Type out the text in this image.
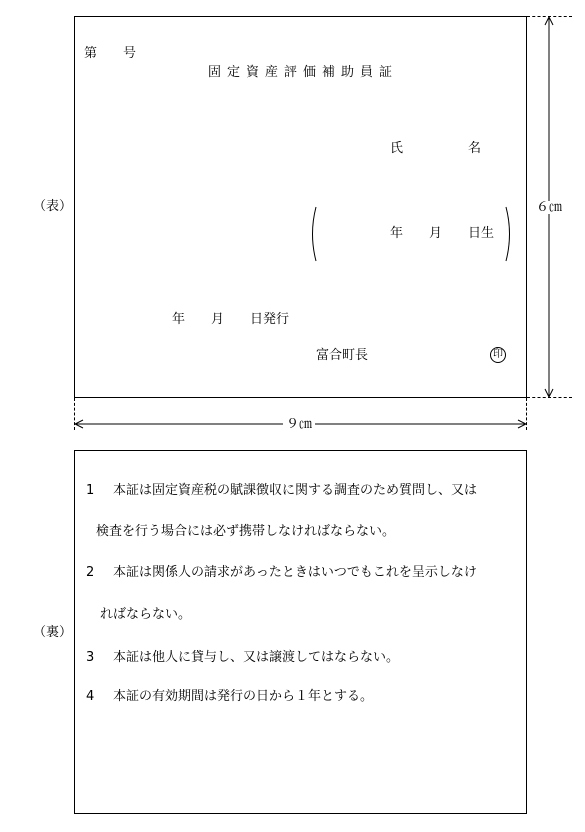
（表）
第　　号
固定資産評価補助員証
氏　　　　　名
年　　月　　日生
年　　月　　日発行
富合町長	印
６㎝
９㎝
（裏）
1 本証は固定資産税の賦課徴収に関する調査のため質問し、又は
検査を行う場合には必ず携帯しなければならない。
2 本証は関係人の請求があったときはいつでもこれを呈示しなけ
ればならない。
3 本証は他人に貸与し、又は譲渡してはならない。
4 本証の有効期間は発行の日から１年とする。
